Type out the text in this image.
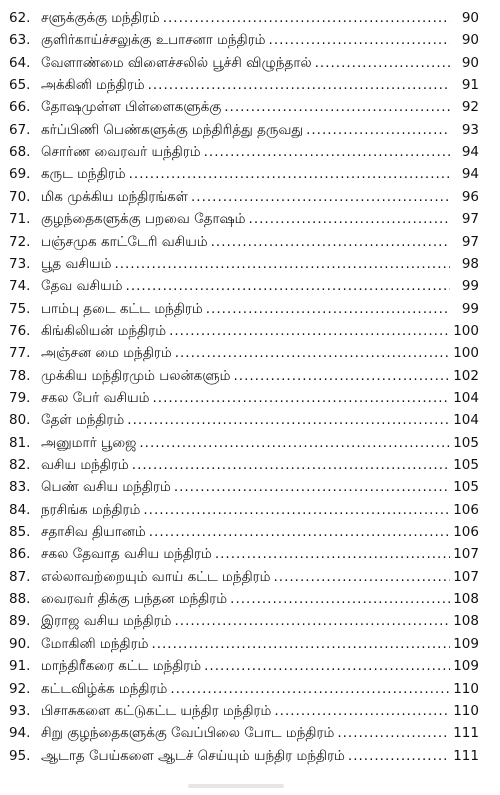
62. சளுக்குக்கு மந்திரம் .....	90
63. குளிர்காய்ச்சலுக்கு உபாசனா மந்திரம் .....	90
64. வேளாண்மை விளைச்சலில் பூச்சி விழுந்தால் .....	90
65. அக்கினி மந்திரம் .....	91
66. தோஷமுள்ள பிள்ளைகளுக்கு .....	92
67. கர்ப்பிணி பெண்களுக்கு மந்திரித்து தருவது .....	93
68. சொர்ண வைரவர் யந்திரம் .....	94
69. கருட மந்திரம் .....	94
70. மிக முக்கிய மந்திரங்கள் .....	96
71. குழந்தைகளுக்கு பறவை தோஷம் .....	97
72. பஞ்சமுக காட்டேரி வசியம் .....	97
73. பூத வசியம் .....	98
74. தேவ வசியம் .....	99
75. பாம்பு தடை கட்ட மந்திரம் .....	99
76. கிங்கிலியன் மந்திரம் .....	100
77. அஞ்சன மை மந்திரம் .....	100
78. முக்கிய மந்திரமும் பலன்களும் .....	102
79. சகல பேர் வசியம் .....	104
80. தேள் மந்திரம் .....	104
81. அனுமார் பூஜை .....	105
82. வசிய மந்திரம் .....	105
83. பெண் வசிய மந்திரம் .....	105
84. நரசிங்க மந்திரம் .....	106
85. சதாசிவ தியானம் .....	106
86. சகல தேவாத வசிய மந்திரம் .....	107
87. எல்லாவற்றையும் வாய் கட்ட மந்திரம் .....	107
88. வைரவர் திக்கு பந்தன மந்திரம் .....	108
89. இராஜ வசிய மந்திரம் .....	108
90. மோகினி மந்திரம் .....	109
91. மாந்திரீகரை கட்ட மந்திரம் .....	109
92. கட்டவிழ்க்க மந்திரம் .....	110
93. பிசாசுகளை கட்டுகட்ட யந்திர மந்திரம் .....	110
94. சிறு குழந்தைகளுக்கு வேப்பிலை போட மந்திரம் .....	111
95. ஆடாத பேய்களை ஆடச் செய்யும் யந்திர மந்திரம் .....	111
